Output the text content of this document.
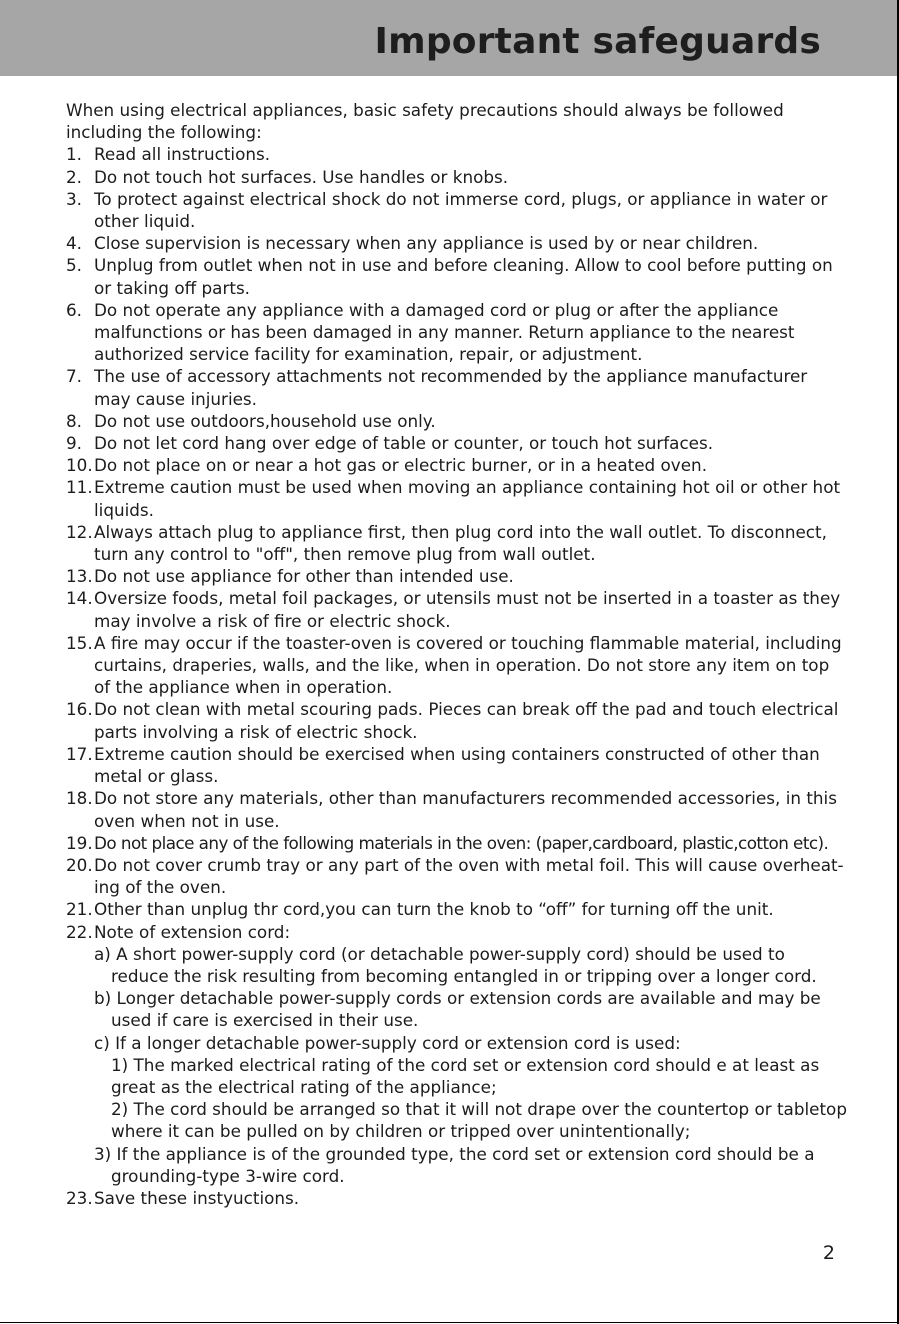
Important safeguards
When using electrical appliances, basic safety precautions should always be followed
including the following:
1. Read all instructions.
2. Do not touch hot surfaces. Use handles or knobs.
3. To protect against electrical shock do not immerse cord, plugs, or appliance in water or
other liquid.
4. Close supervision is necessary when any appliance is used by or near children.
5. Unplug from outlet when not in use and before cleaning. Allow to cool before putting on
or taking off parts.
6. Do not operate any appliance with a damaged cord or plug or after the appliance
malfunctions or has been damaged in any manner. Return appliance to the nearest
authorized service facility for examination, repair, or adjustment.
7. The use of accessory attachments not recommended by the appliance manufacturer
may cause injuries.
8. Do not use outdoors,household use only.
9. Do not let cord hang over edge of table or counter, or touch hot surfaces.
10. Do not place on or near a hot gas or electric burner, or in a heated oven.
11. Extreme caution must be used when moving an appliance containing hot oil or other hot
liquids.
12. Always attach plug to appliance first, then plug cord into the wall outlet. To disconnect,
turn any control to "off", then remove plug from wall outlet.
13. Do not use appliance for other than intended use.
14. Oversize foods, metal foil packages, or utensils must not be inserted in a toaster as they
may involve a risk of fire or electric shock.
15. A fire may occur if the toaster-oven is covered or touching flammable material, including
curtains, draperies, walls, and the like, when in operation. Do not store any item on top
of the appliance when in operation.
16. Do not clean with metal scouring pads. Pieces can break off the pad and touch electrical
parts involving a risk of electric shock.
17. Extreme caution should be exercised when using containers constructed of other than
metal or glass.
18. Do not store any materials, other than manufacturers recommended accessories, in this
oven when not in use.
19. Do not place any of the following materials in the oven: (paper,cardboard, plastic,cotton etc).
20. Do not cover crumb tray or any part of the oven with metal foil. This will cause overheat-
ing of the oven.
21. Other than unplug thr cord,you can turn the knob to “off” for turning off the unit.
22. Note of extension cord:
a) A short power-supply cord (or detachable power-supply cord) should be used to
reduce the risk resulting from becoming entangled in or tripping over a longer cord.
b) Longer detachable power-supply cords or extension cords are available and may be
used if care is exercised in their use.
c) If a longer detachable power-supply cord or extension cord is used:
1) The marked electrical rating of the cord set or extension cord should e at least as
great as the electrical rating of the appliance;
2) The cord should be arranged so that it will not drape over the countertop or tabletop
where it can be pulled on by children or tripped over unintentionally;
3) If the appliance is of the grounded type, the cord set or extension cord should be a
grounding-type 3-wire cord.
23. Save these instyuctions.
2
